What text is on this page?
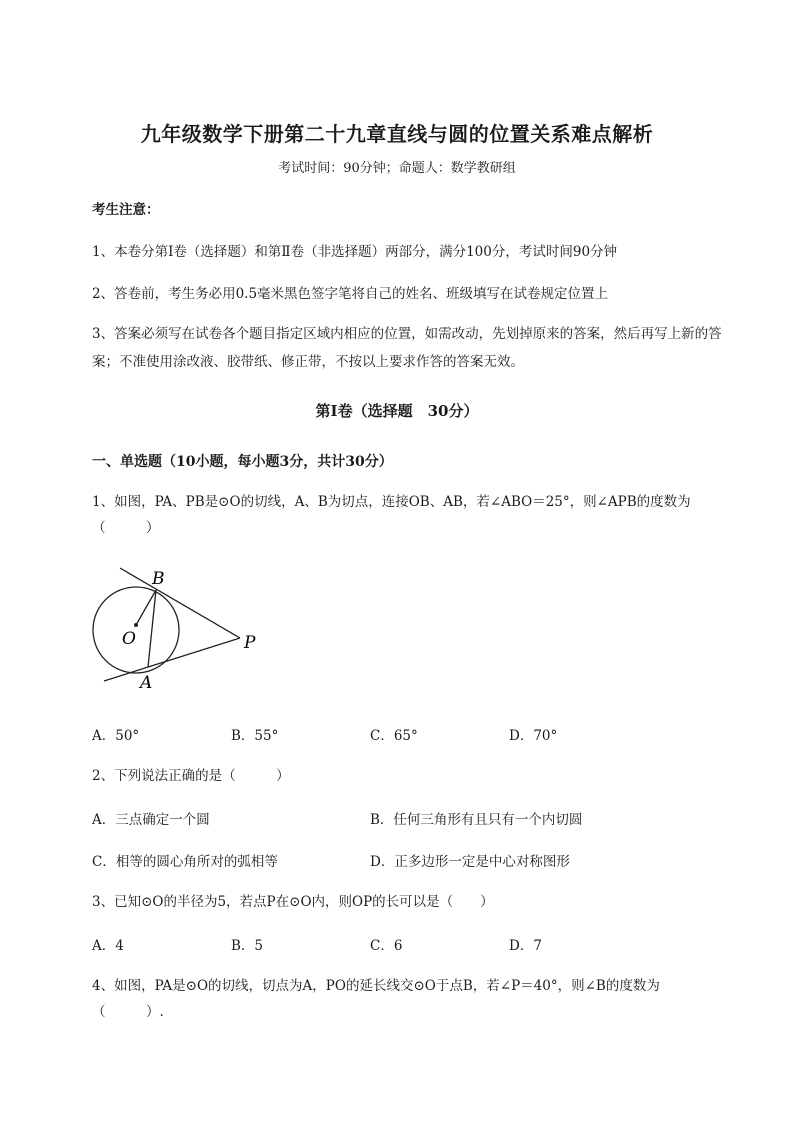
九年级数学下册第二十九章直线与圆的位置关系难点解析
考试时间：90分钟；命题人：数学教研组
考生注意：
1、本卷分第I卷（选择题）和第Ⅱ卷（非选择题）两部分，满分100分，考试时间90分钟
2、答卷前，考生务必用0.5毫米黑色签字笔将自己的姓名、班级填写在试卷规定位置上
3、答案必须写在试卷各个题目指定区域内相应的位置，如需改动，先划掉原来的答案，然后再写上新的答案；不准使用涂改液、胶带纸、修正带，不按以上要求作答的答案无效。
第I卷（选择题　30分）
一、单选题（10小题，每小题3分，共计30分）
1、如图，PA、PB是⊙O的切线，A、B为切点，连接OB、AB，若∠ABO＝25°，则∠APB的度数为
（　　　）
B
O	P
A
A．50°	B．55°	C．65°	D．70°
2、下列说法正确的是（　　　）
A．三点确定一个圆	B．任何三角形有且只有一个内切圆
C．相等的圆心角所对的弧相等	D．正多边形一定是中心对称图形
3、已知⊙O的半径为5，若点P在⊙O内，则OP的长可以是（　　）
A．4	B．5	C．6	D．7
4、如图，PA是⊙O的切线，切点为A，PO的延长线交⊙O于点B，若∠P＝40°，则∠B的度数为
（　　　）.
